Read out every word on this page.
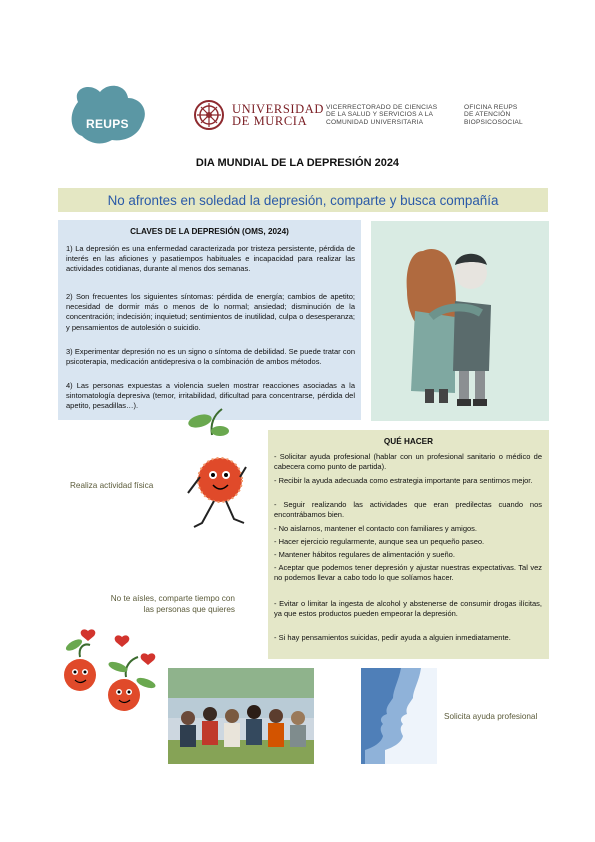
REUPS
UNIVERSIDAD
DE MURCIA
VICERRECTORADO DE CIENCIAS
DE LA SALUD Y SERVICIOS A LA
COMUNIDAD UNIVERSITARIA
OFICINA REUPS
DE ATENCIÓN
BIOPSICOSOCIAL
DIA MUNDIAL DE LA DEPRESIÓN 2024
No afrontes en soledad la depresión, comparte y busca compañía
CLAVES DE LA DEPRESIÓN (OMS, 2024)
1) La depresión es una enfermedad caracterizada por tristeza persistente, pérdida de interés en las aficiones y pasatiempos habituales e incapacidad para realizar las actividades cotidianas, durante al menos dos semanas.
2) Son frecuentes los siguientes síntomas: pérdida de energía; cambios de apetito; necesidad de dormir más o menos de lo normal; ansiedad; disminución de la concentración; indecisión; inquietud; sentimientos de inutilidad, culpa o desesperanza; y pensamientos de autolesión o suicidio.
3) Experimentar depresión no es un signo o síntoma de debilidad. Se puede tratar con psicoterapia, medicación antidepresiva o la combinación de ambos métodos.
4) Las personas expuestas a violencia suelen mostrar reacciones asociadas a la sintomatología depresiva (temor, irritabilidad, dificultad para concentrarse, pérdida del apetito, pesadillas…).
Realiza actividad física
QUÉ HACER
- Solicitar ayuda profesional (hablar con un profesional sanitario o médico de cabecera como punto de partida).
- Recibir la ayuda adecuada como estrategia importante para sentirnos mejor.
- Seguir realizando las actividades que eran predilectas cuando nos encontrábamos bien.
- No aislarnos, mantener el contacto con familiares y amigos.
- Hacer ejercicio regularmente, aunque sea un pequeño paseo.
- Mantener hábitos regulares de alimentación y sueño.
- Aceptar que podemos tener depresión y ajustar nuestras expectativas. Tal vez no podemos llevar a cabo todo lo que solíamos hacer.
- Evitar o limitar la ingesta de alcohol y abstenerse de consumir drogas ilícitas, ya que estos productos pueden empeorar la depresión.
- Si hay pensamientos suicidas, pedir ayuda a alguien inmediatamente.
No te aísles, comparte tiempo con
las personas que quieres
Solicita ayuda profesional
